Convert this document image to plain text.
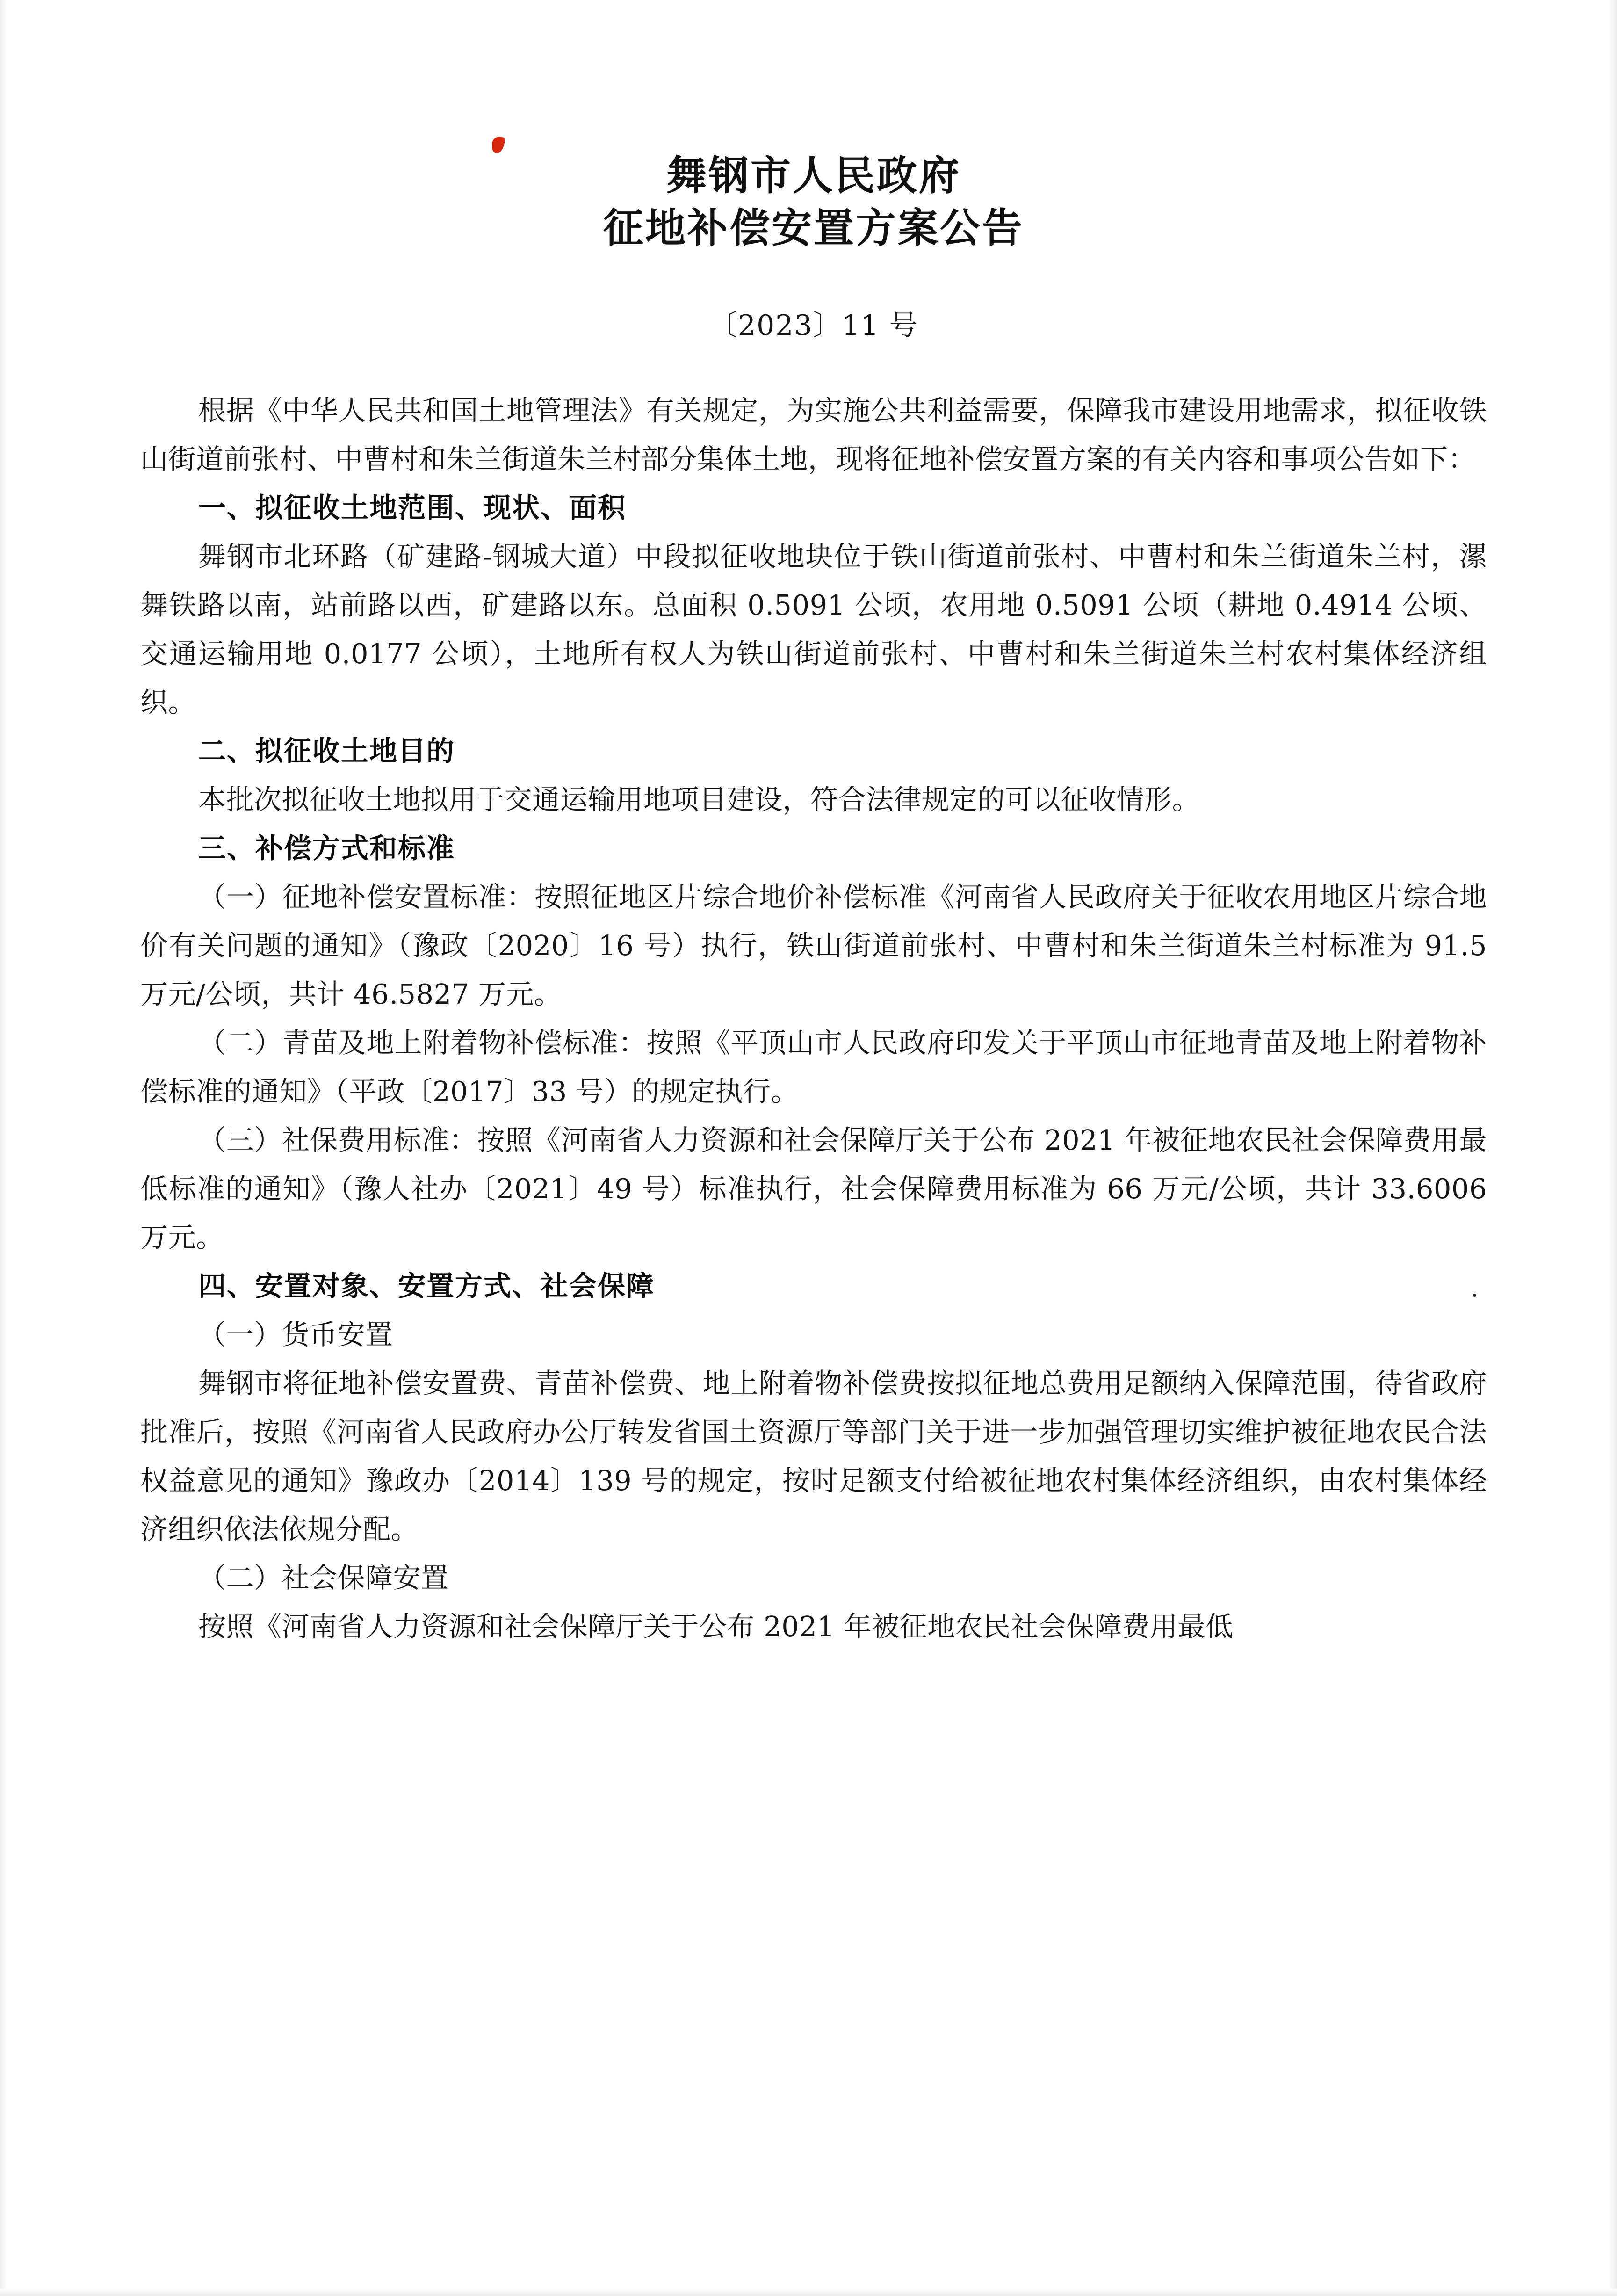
舞钢市人民政府
征地补偿安置方案公告
〔2023〕11 号

根据《中华人民共和国土地管理法》有关规定，为实施公共利益需要，保障我市建设用地需求，拟征收铁山街道前张村、中曹村和朱兰街道朱兰村部分集体土地，现将征地补偿安置方案的有关内容和事项公告如下：

一、拟征收土地范围、现状、面积

舞钢市北环路（矿建路-钢城大道）中段拟征收地块位于铁山街道前张村、中曹村和朱兰街道朱兰村，漯舞铁路以南，站前路以西，矿建路以东。总面积 0.5091 公顷，农用地 0.5091 公顷（耕地 0.4914 公顷、交通运输用地 0.0177 公顷），土地所有权人为铁山街道前张村、中曹村和朱兰街道朱兰村农村集体经济组织。

二、拟征收土地目的

本批次拟征收土地拟用于交通运输用地项目建设，符合法律规定的可以征收情形。

三、补偿方式和标准

（一）征地补偿安置标准：按照征地区片综合地价补偿标准《河南省人民政府关于征收农用地区片综合地价有关问题的通知》（豫政〔2020〕16 号）执行，铁山街道前张村、中曹村和朱兰街道朱兰村标准为 91.5 万元/公顷，共计 46.5827 万元。

（二）青苗及地上附着物补偿标准：按照《平顶山市人民政府印发关于平顶山市征地青苗及地上附着物补偿标准的通知》（平政〔2017〕33 号）的规定执行。

（三）社保费用标准：按照《河南省人力资源和社会保障厅关于公布 2021 年被征地农民社会保障费用最低标准的通知》（豫人社办〔2021〕49 号）标准执行，社会保障费用标准为 66 万元/公顷，共计 33.6006 万元。

四、安置对象、安置方式、社会保障

（一）货币安置

舞钢市将征地补偿安置费、青苗补偿费、地上附着物补偿费按拟征地总费用足额纳入保障范围，待省政府批准后，按照《河南省人民政府办公厅转发省国土资源厅等部门关于进一步加强管理切实维护被征地农民合法权益意见的通知》豫政办〔2014〕139 号的规定，按时足额支付给被征地农村集体经济组织，由农村集体经济组织依法依规分配。

（二）社会保障安置

按照《河南省人力资源和社会保障厅关于公布 2021 年被征地农民社会保障费用最低
